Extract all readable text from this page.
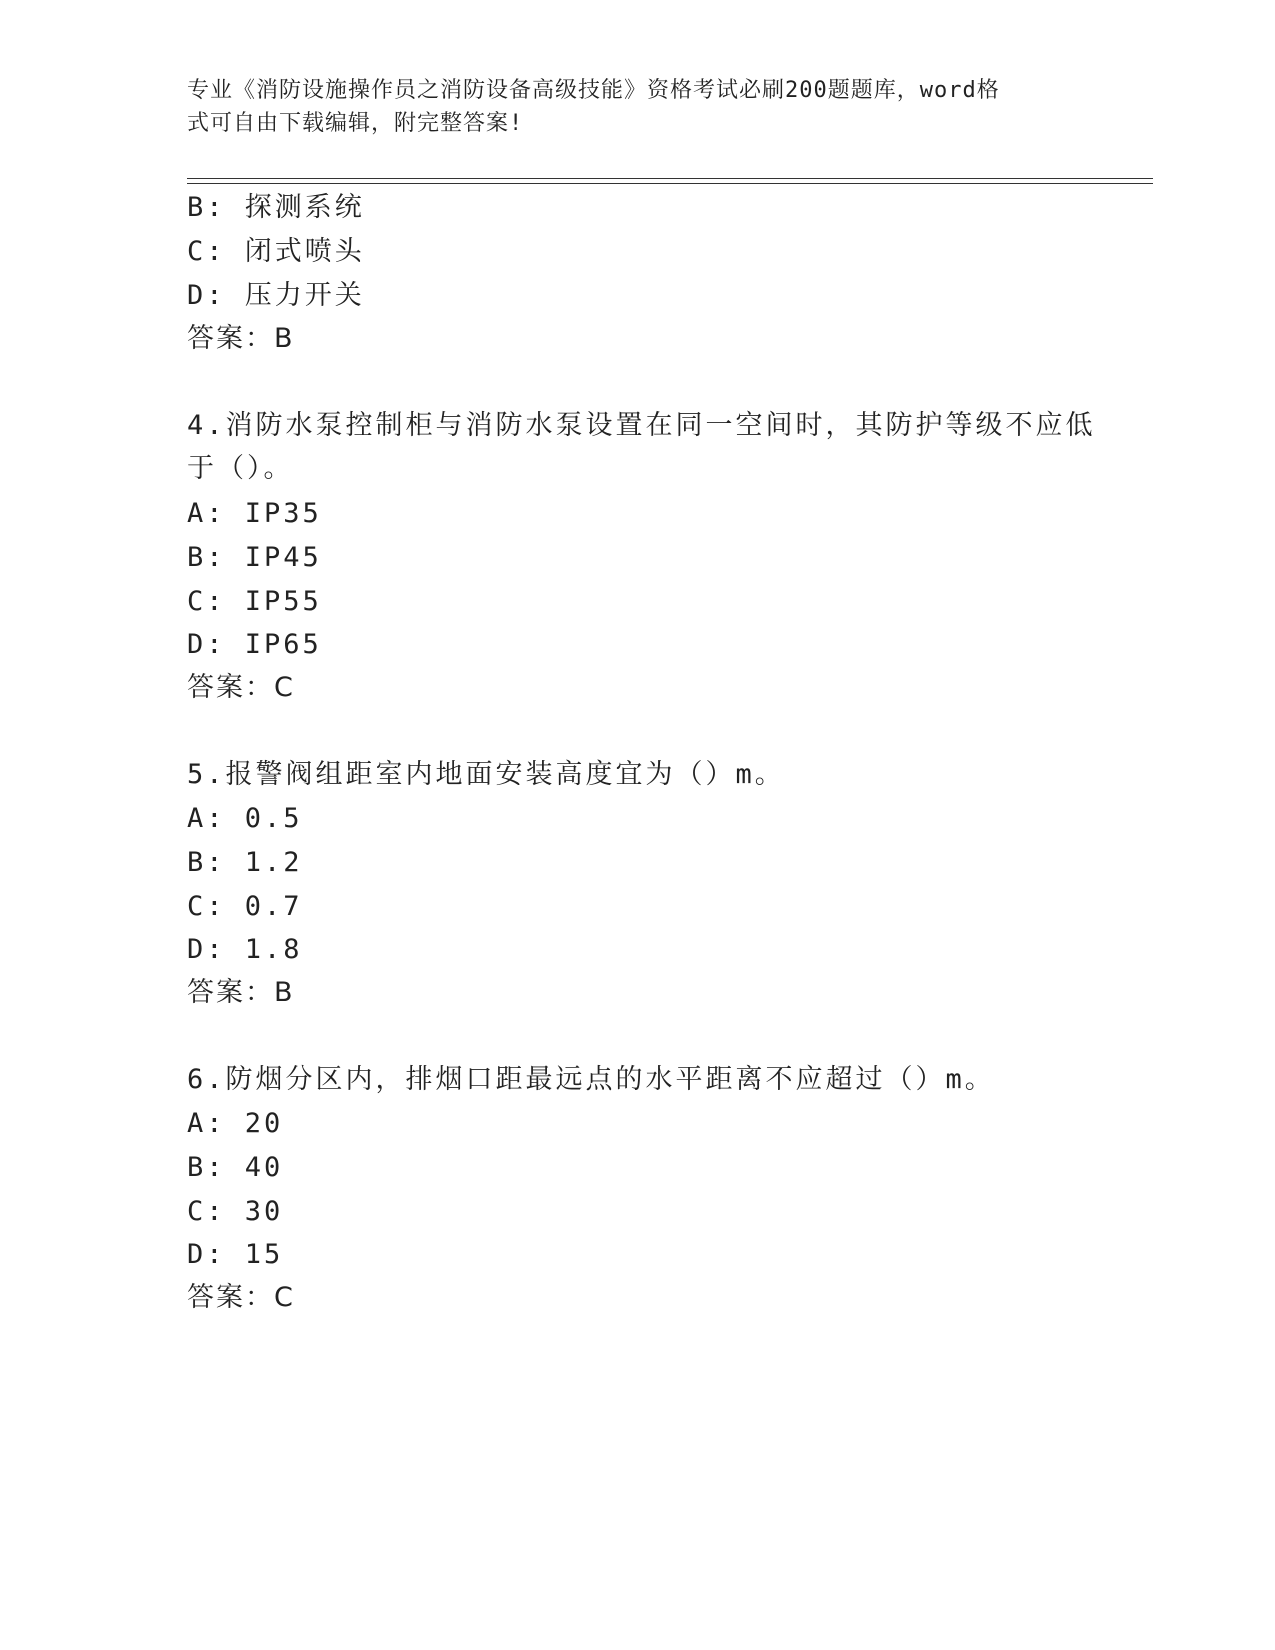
专业《消防设施操作员之消防设备高级技能》资格考试必刷200题题库，word格
式可自由下载编辑，附完整答案!
B: 探测系统
C: 闭式喷头
D: 压力开关
答案：B
4.消防水泵控制柜与消防水泵设置在同一空间时，其防护等级不应低
于（）。
A: IP35
B: IP45
C: IP55
D: IP65
答案：C
5.报警阀组距室内地面安装高度宜为（）m。
A: 0.5
B: 1.2
C: 0.7
D: 1.8
答案：B
6.防烟分区内，排烟口距最远点的水平距离不应超过（）m。
A: 20
B: 40
C: 30
D: 15
答案：C
